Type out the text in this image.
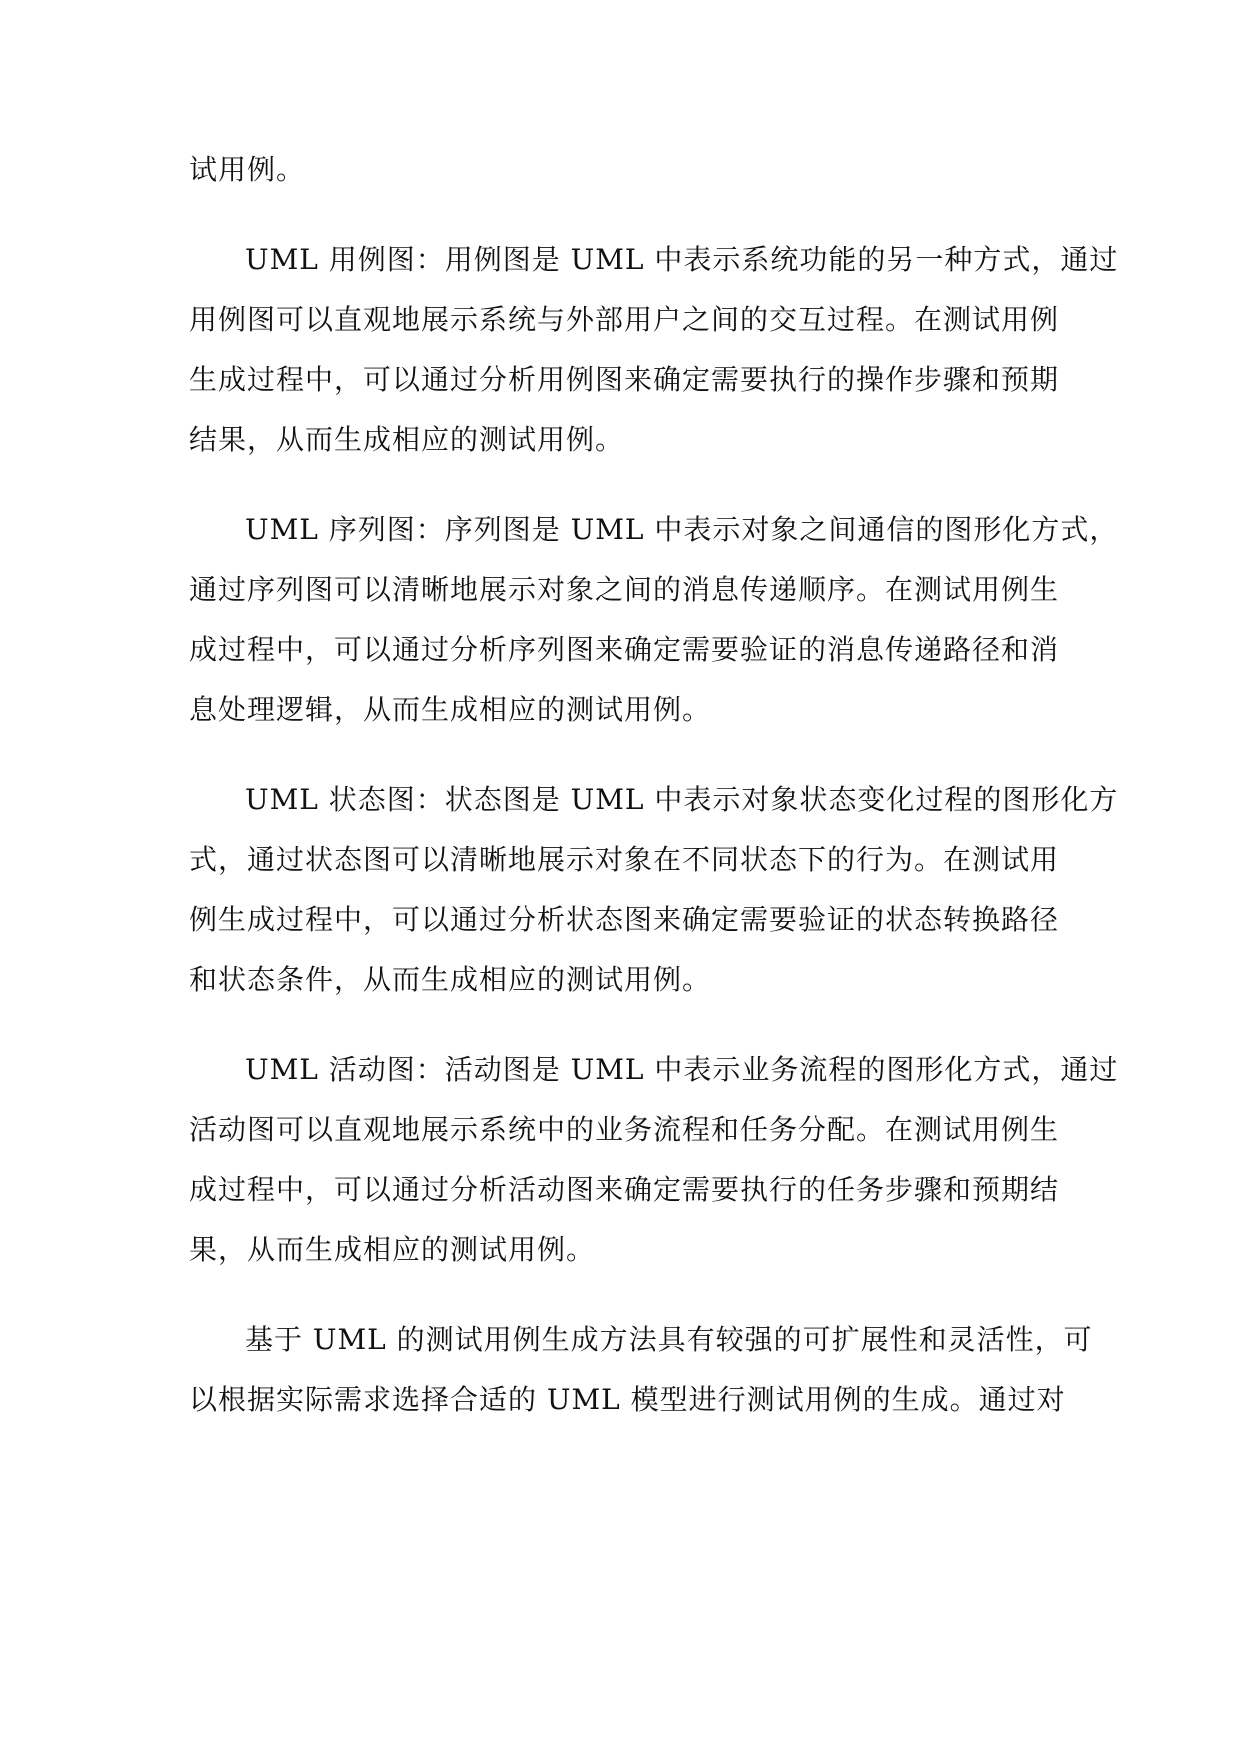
试用例。
UML 用例图：用例图是 UML 中表示系统功能的另一种方式，通过
用例图可以直观地展示系统与外部用户之间的交互过程。在测试用例
生成过程中，可以通过分析用例图来确定需要执行的操作步骤和预期
结果，从而生成相应的测试用例。
UML 序列图：序列图是 UML 中表示对象之间通信的图形化方式，
通过序列图可以清晰地展示对象之间的消息传递顺序。在测试用例生
成过程中，可以通过分析序列图来确定需要验证的消息传递路径和消
息处理逻辑，从而生成相应的测试用例。
UML 状态图：状态图是 UML 中表示对象状态变化过程的图形化方
式，通过状态图可以清晰地展示对象在不同状态下的行为。在测试用
例生成过程中，可以通过分析状态图来确定需要验证的状态转换路径
和状态条件，从而生成相应的测试用例。
UML 活动图：活动图是 UML 中表示业务流程的图形化方式，通过
活动图可以直观地展示系统中的业务流程和任务分配。在测试用例生
成过程中，可以通过分析活动图来确定需要执行的任务步骤和预期结
果，从而生成相应的测试用例。
基于 UML 的测试用例生成方法具有较强的可扩展性和灵活性，可
以根据实际需求选择合适的 UML 模型进行测试用例的生成。通过对
